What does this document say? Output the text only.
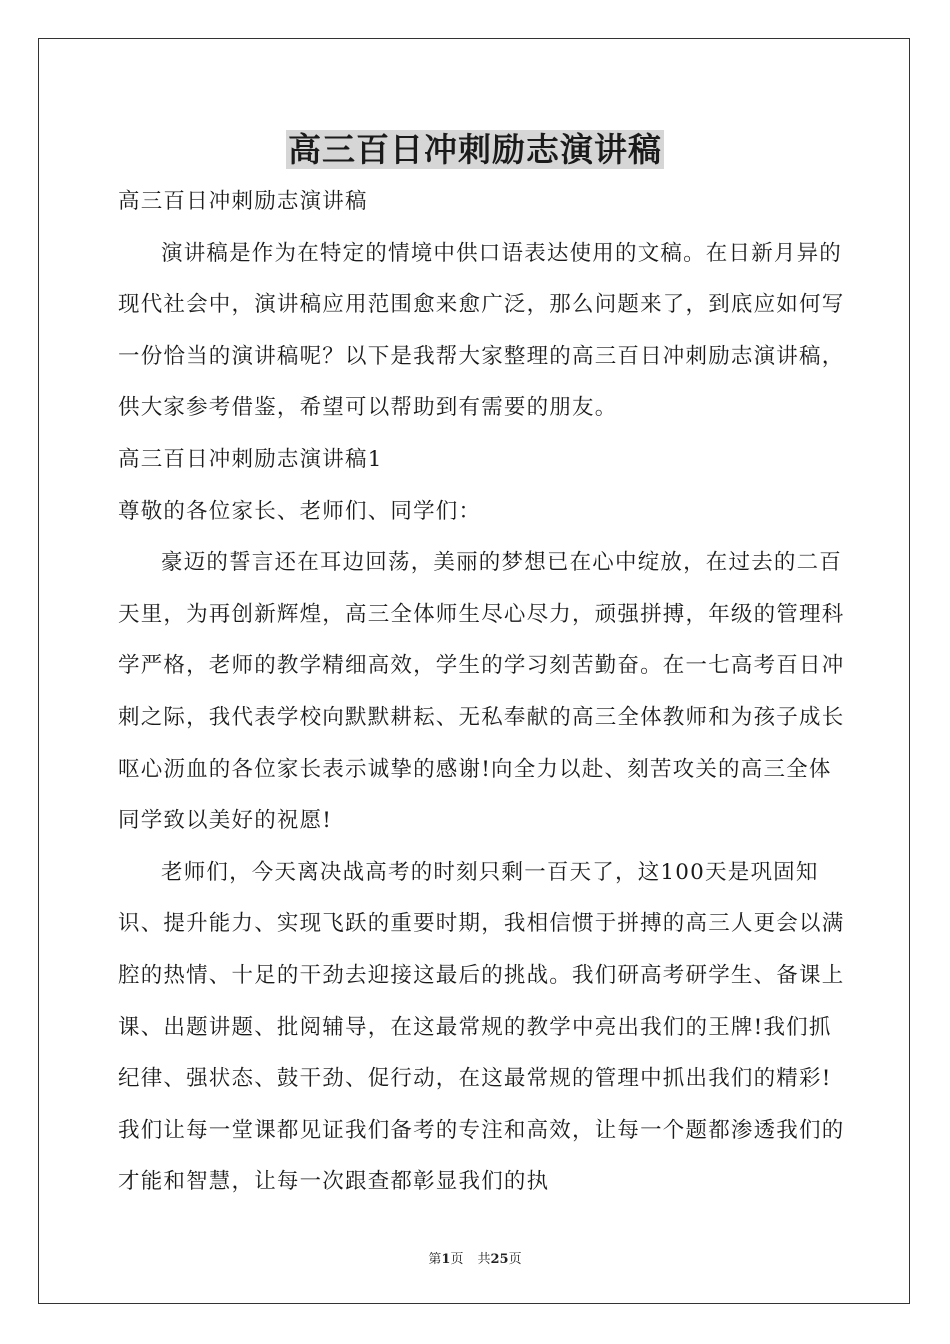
高三百日冲刺励志演讲稿

高三百日冲刺励志演讲稿

演讲稿是作为在特定的情境中供口语表达使用的文稿。在日新月异的现代社会中，演讲稿应用范围愈来愈广泛，那么问题来了，到底应如何写一份恰当的演讲稿呢？以下是我帮大家整理的高三百日冲刺励志演讲稿，供大家参考借鉴，希望可以帮助到有需要的朋友。

高三百日冲刺励志演讲稿1

尊敬的各位家长、老师们、同学们：

豪迈的誓言还在耳边回荡，美丽的梦想已在心中绽放，在过去的二百天里，为再创新辉煌，高三全体师生尽心尽力，顽强拼搏，年级的管理科学严格，老师的教学精细高效，学生的学习刻苦勤奋。在一七高考百日冲刺之际，我代表学校向默默耕耘、无私奉献的高三全体教师和为孩子成长呕心沥血的各位家长表示诚挚的感谢!向全力以赴、刻苦攻关的高三全体同学致以美好的祝愿!

老师们，今天离决战高考的时刻只剩一百天了，这100天是巩固知识、提升能力、实现飞跃的重要时期，我相信惯于拼搏的高三人更会以满腔的热情、十足的干劲去迎接这最后的挑战。我们研高考研学生、备课上课、出题讲题、批阅辅导，在这最常规的教学中亮出我们的王牌!我们抓纪律、强状态、鼓干劲、促行动，在这最常规的管理中抓出我们的精彩!我们让每一堂课都见证我们备考的专注和高效，让每一个题都渗透我们的才能和智慧，让每一次跟查都彰显我们的执

第1页 共25页
